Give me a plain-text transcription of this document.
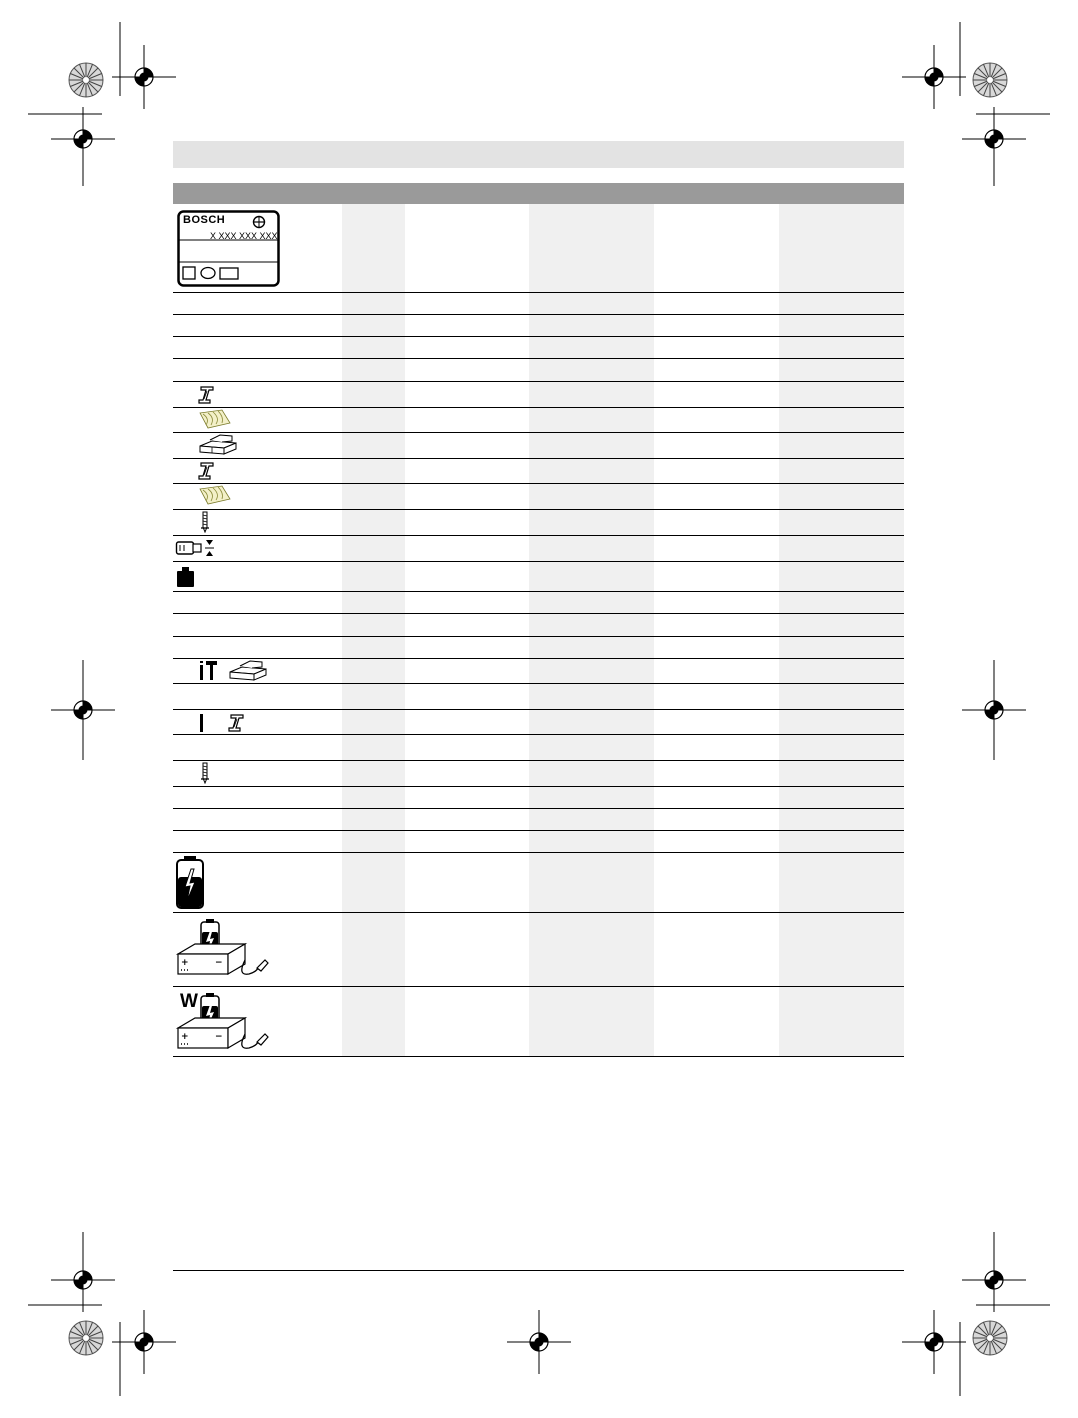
BOSCH
X XXX XXX XXX
+	−
W
+	−
